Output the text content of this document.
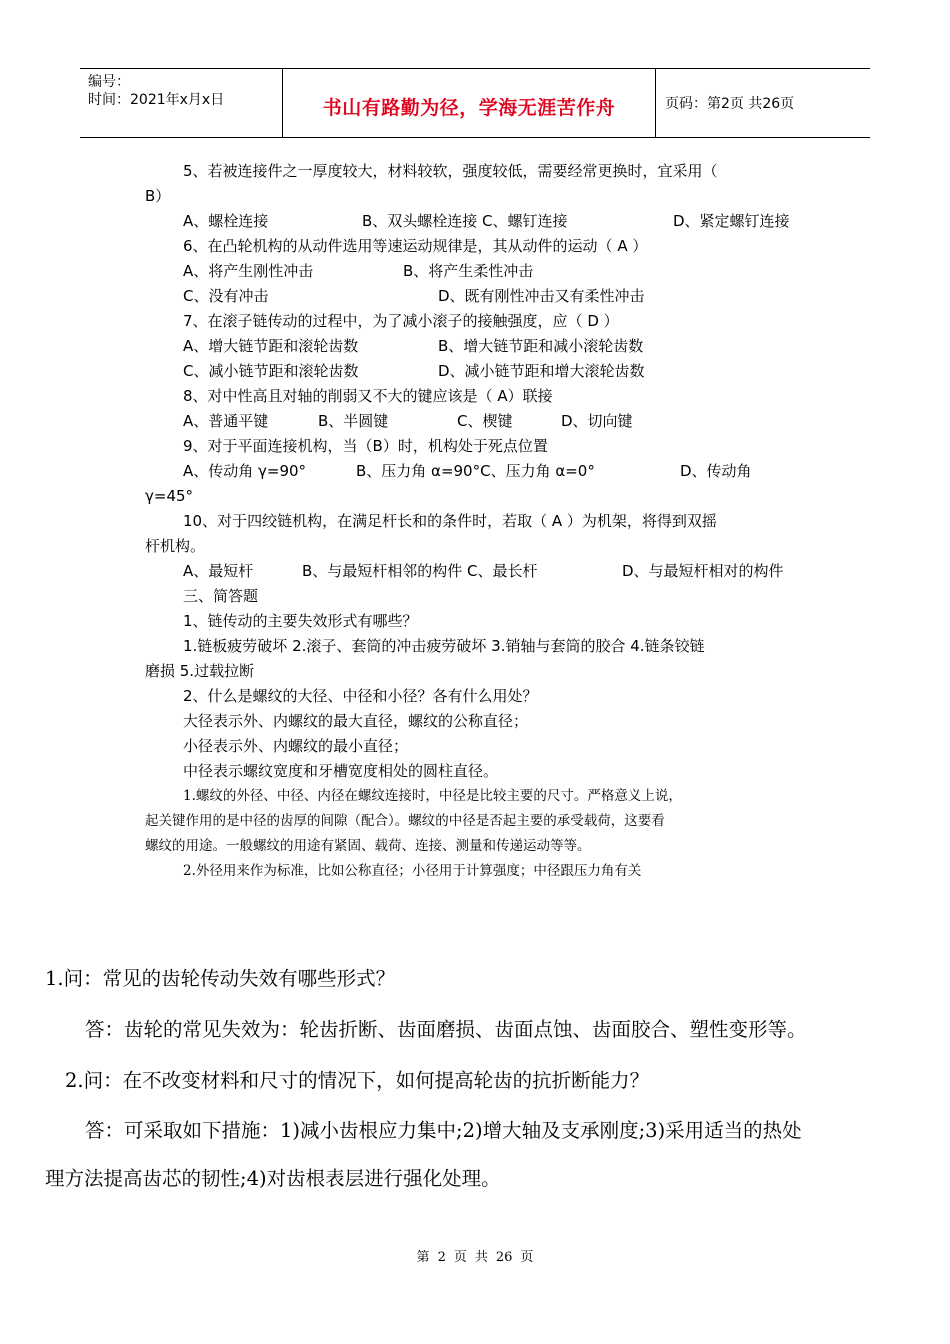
编号：
时间：2021年x月x日	书山有路勤为径，学海无涯苦作舟	页码：第2页 共26页
5、若被连接件之一厚度较大，材料较软，强度较低，需要经常更换时，宜采用（
B）
A、螺栓连接	B、双头螺栓连接 C、螺钉连接	D、紧定螺钉连接
6、在凸轮机构的从动件选用等速运动规律是，其从动件的运动（ A ）
A、将产生刚性冲击	B、将产生柔性冲击
C、没有冲击	D、既有刚性冲击又有柔性冲击
7、在滚子链传动的过程中，为了减小滚子的接触强度，应（ D ）
A、增大链节距和滚轮齿数	B、增大链节距和减小滚轮齿数
C、减小链节距和滚轮齿数	D、减小链节距和增大滚轮齿数
8、对中性高且对轴的削弱又不大的键应该是（ A）联接
A、普通平键	B、半圆键	C、楔键	D、切向键
9、对于平面连接机构，当（B）时，机构处于死点位置
A、传动角 γ=90°	B、压力角 α=90°C、压力角 α=0°	D、传动角
γ=45°
10、对于四绞链机构，在满足杆长和的条件时，若取（ A ）为机架，将得到双摇
杆机构。
A、最短杆	B、与最短杆相邻的构件 C、最长杆	D、与最短杆相对的构件
三、简答题
1、链传动的主要失效形式有哪些？
1.链板疲劳破坏 2.滚子、套筒的冲击疲劳破坏 3.销轴与套筒的胶合 4.链条铰链
磨损 5.过载拉断
2、什么是螺纹的大径、中径和小径？各有什么用处？
大径表示外、内螺纹的最大直径，螺纹的公称直径；
小径表示外、内螺纹的最小直径；
中径表示螺纹宽度和牙槽宽度相处的圆柱直径。
1.螺纹的外径、中径、内径在螺纹连接时，中径是比较主要的尺寸。严格意义上说，
起关键作用的是中径的齿厚的间隙（配合）。螺纹的中径是否起主要的承受载荷，这要看
螺纹的用途。一般螺纹的用途有紧固、载荷、连接、测量和传递运动等等。
2.外径用来作为标准，比如公称直径；小径用于计算强度；中径跟压力角有关
1.问：常见的齿轮传动失效有哪些形式？
答：齿轮的常见失效为：轮齿折断、齿面磨损、齿面点蚀、齿面胶合、塑性变形等。
2.问：在不改变材料和尺寸的情况下，如何提高轮齿的抗折断能力？
答：可采取如下措施：1)减小齿根应力集中;2)增大轴及支承刚度;3)采用适当的热处
理方法提高齿芯的韧性;4)对齿根表层进行强化处理。
第 2 页 共 26 页
